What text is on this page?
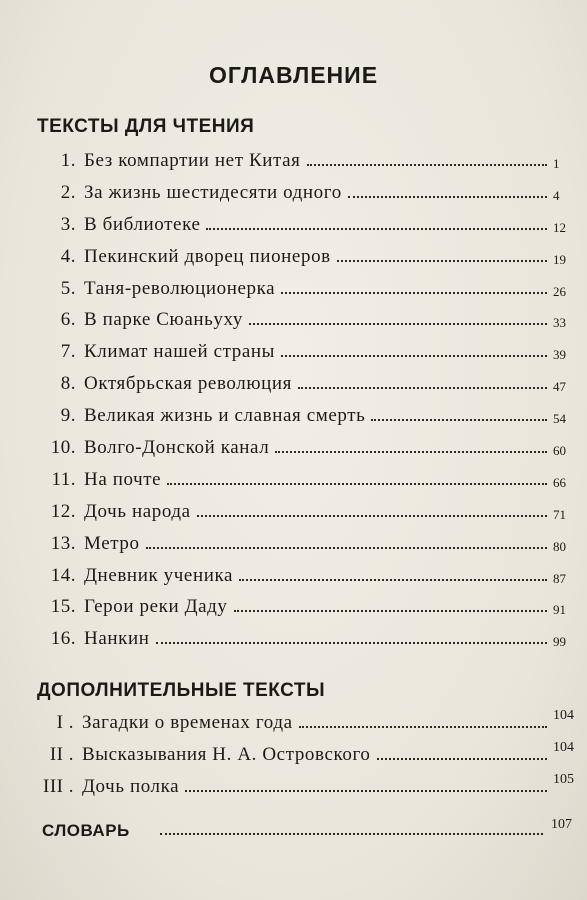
ОГЛАВЛЕНИЕ
ТЕКСТЫ ДЛЯ ЧТЕНИЯ
1. Без компартии нет Китая	1
2. За жизнь шестидесяти одного	4
3. В библиотеке	12
4. Пекинский дворец пионеров	19
5. Таня-революционерка	26
6. В парке Сюаньуху	33
7. Климат нашей страны	39
8. Октябрьская революция	47
9. Великая жизнь и славная смерть	54
10. Волго-Донской канал	60
11. На почте	66
12. Дочь народа	71
13. Метро	80
14. Дневник ученика	87
15. Герои реки Даду	91
16. Нанкин	99
ДОПОЛНИТЕЛЬНЫЕ ТЕКСТЫ
I . Загадки о временах года	104
II . Высказывания Н. А. Островского	104
III . Дочь полка	105
СЛОВАРЬ	107
